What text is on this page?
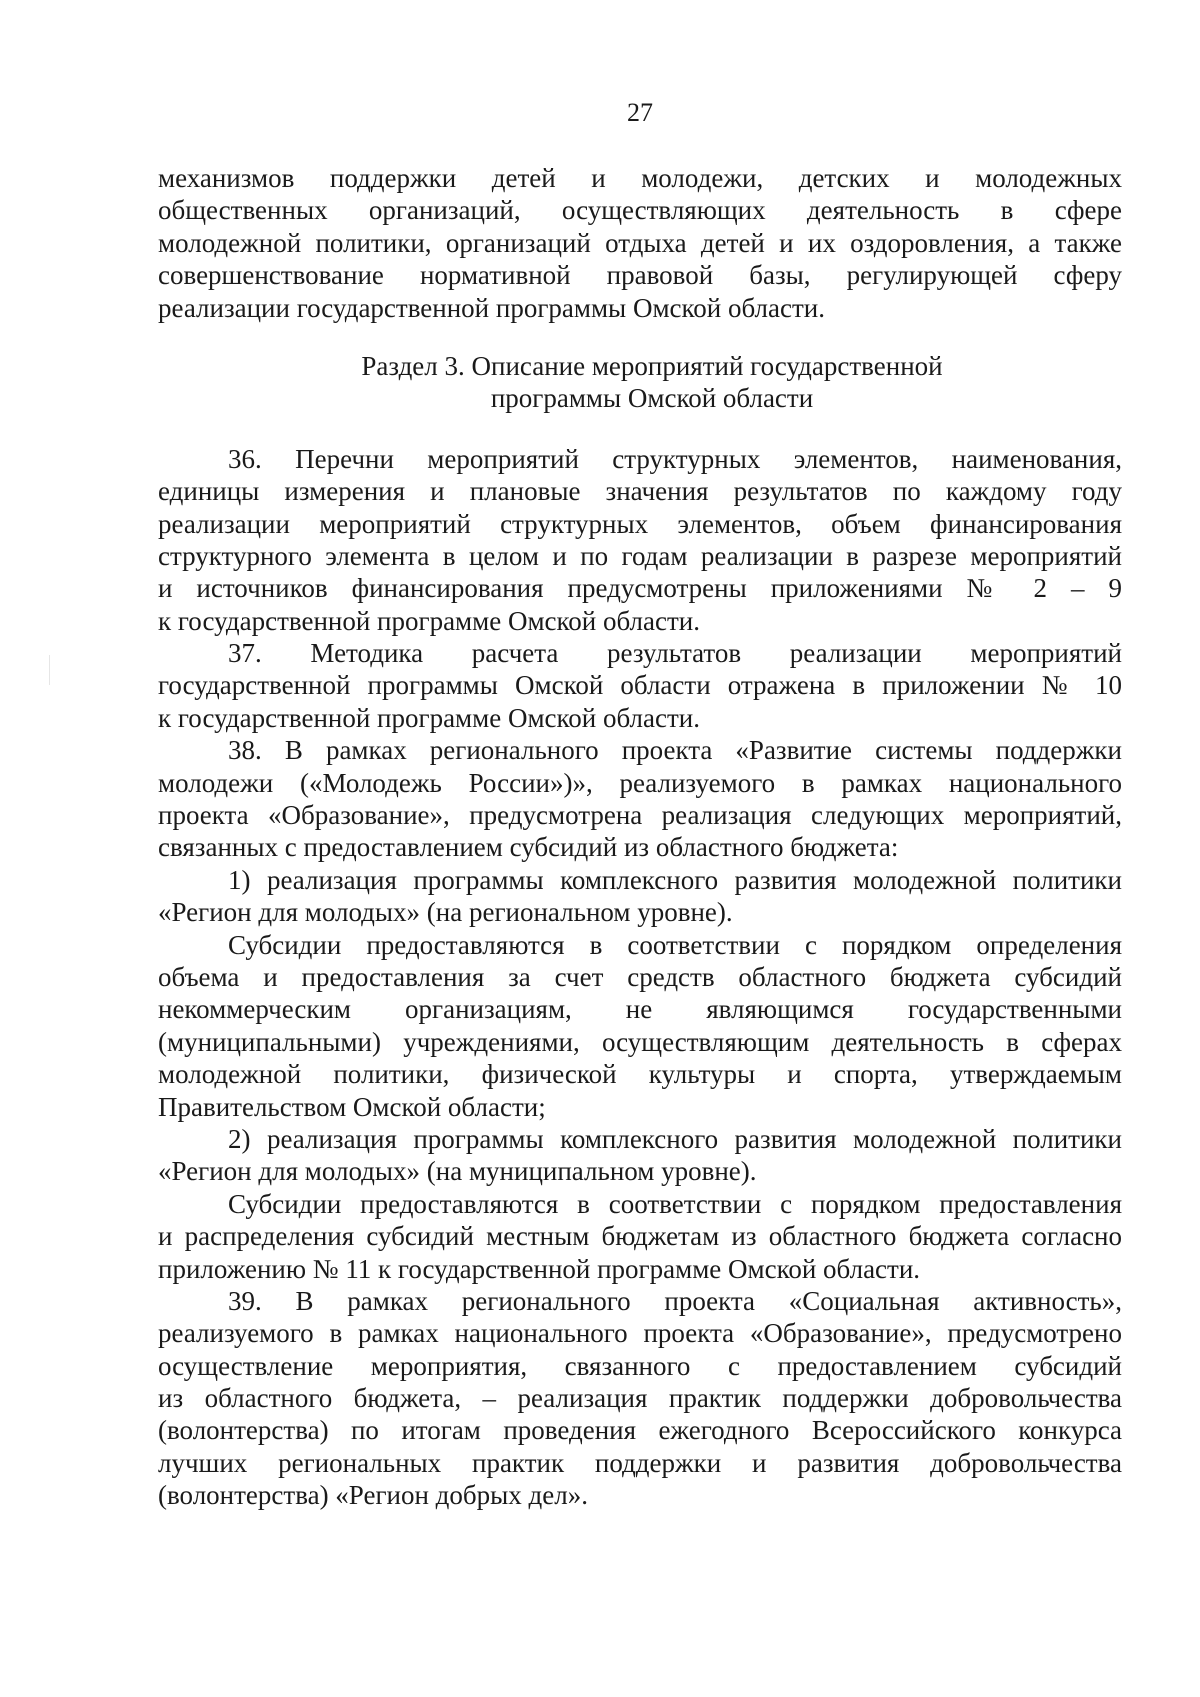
27
механизмов поддержки детей и молодежи, детских и молодежных
общественных организаций, осуществляющих деятельность в сфере
молодежной политики, организаций отдыха детей и их оздоровления, а также
совершенствование нормативной правовой базы, регулирующей сферу
реализации государственной программы Омской области.
Раздел 3. Описание мероприятий государственной
программы Омской области
36. Перечни мероприятий структурных элементов, наименования,
единицы измерения и плановые значения результатов по каждому году
реализации мероприятий структурных элементов, объем финансирования
структурного элемента в целом и по годам реализации в разрезе мероприятий
и источников финансирования предусмотрены приложениями № 2 – 9
к государственной программе Омской области.
37. Методика расчета результатов реализации мероприятий
государственной программы Омской области отражена в приложении № 10
к государственной программе Омской области.
38. В рамках регионального проекта «Развитие системы поддержки
молодежи («Молодежь России»)», реализуемого в рамках национального
проекта «Образование», предусмотрена реализация следующих мероприятий,
связанных с предоставлением субсидий из областного бюджета:
1) реализация программы комплексного развития молодежной политики
«Регион для молодых» (на региональном уровне).
Субсидии предоставляются в соответствии с порядком определения
объема и предоставления за счет средств областного бюджета субсидий
некоммерческим организациям, не являющимся государственными
(муниципальными) учреждениями, осуществляющим деятельность в сферах
молодежной политики, физической культуры и спорта, утверждаемым
Правительством Омской области;
2) реализация программы комплексного развития молодежной политики
«Регион для молодых» (на муниципальном уровне).
Субсидии предоставляются в соответствии с порядком предоставления
и распределения субсидий местным бюджетам из областного бюджета согласно
приложению № 11 к государственной программе Омской области.
39. В рамках регионального проекта «Социальная активность»,
реализуемого в рамках национального проекта «Образование», предусмотрено
осуществление мероприятия, связанного с предоставлением субсидий
из областного бюджета, – реализация практик поддержки добровольчества
(волонтерства) по итогам проведения ежегодного Всероссийского конкурса
лучших региональных практик поддержки и развития добровольчества
(волонтерства) «Регион добрых дел».
